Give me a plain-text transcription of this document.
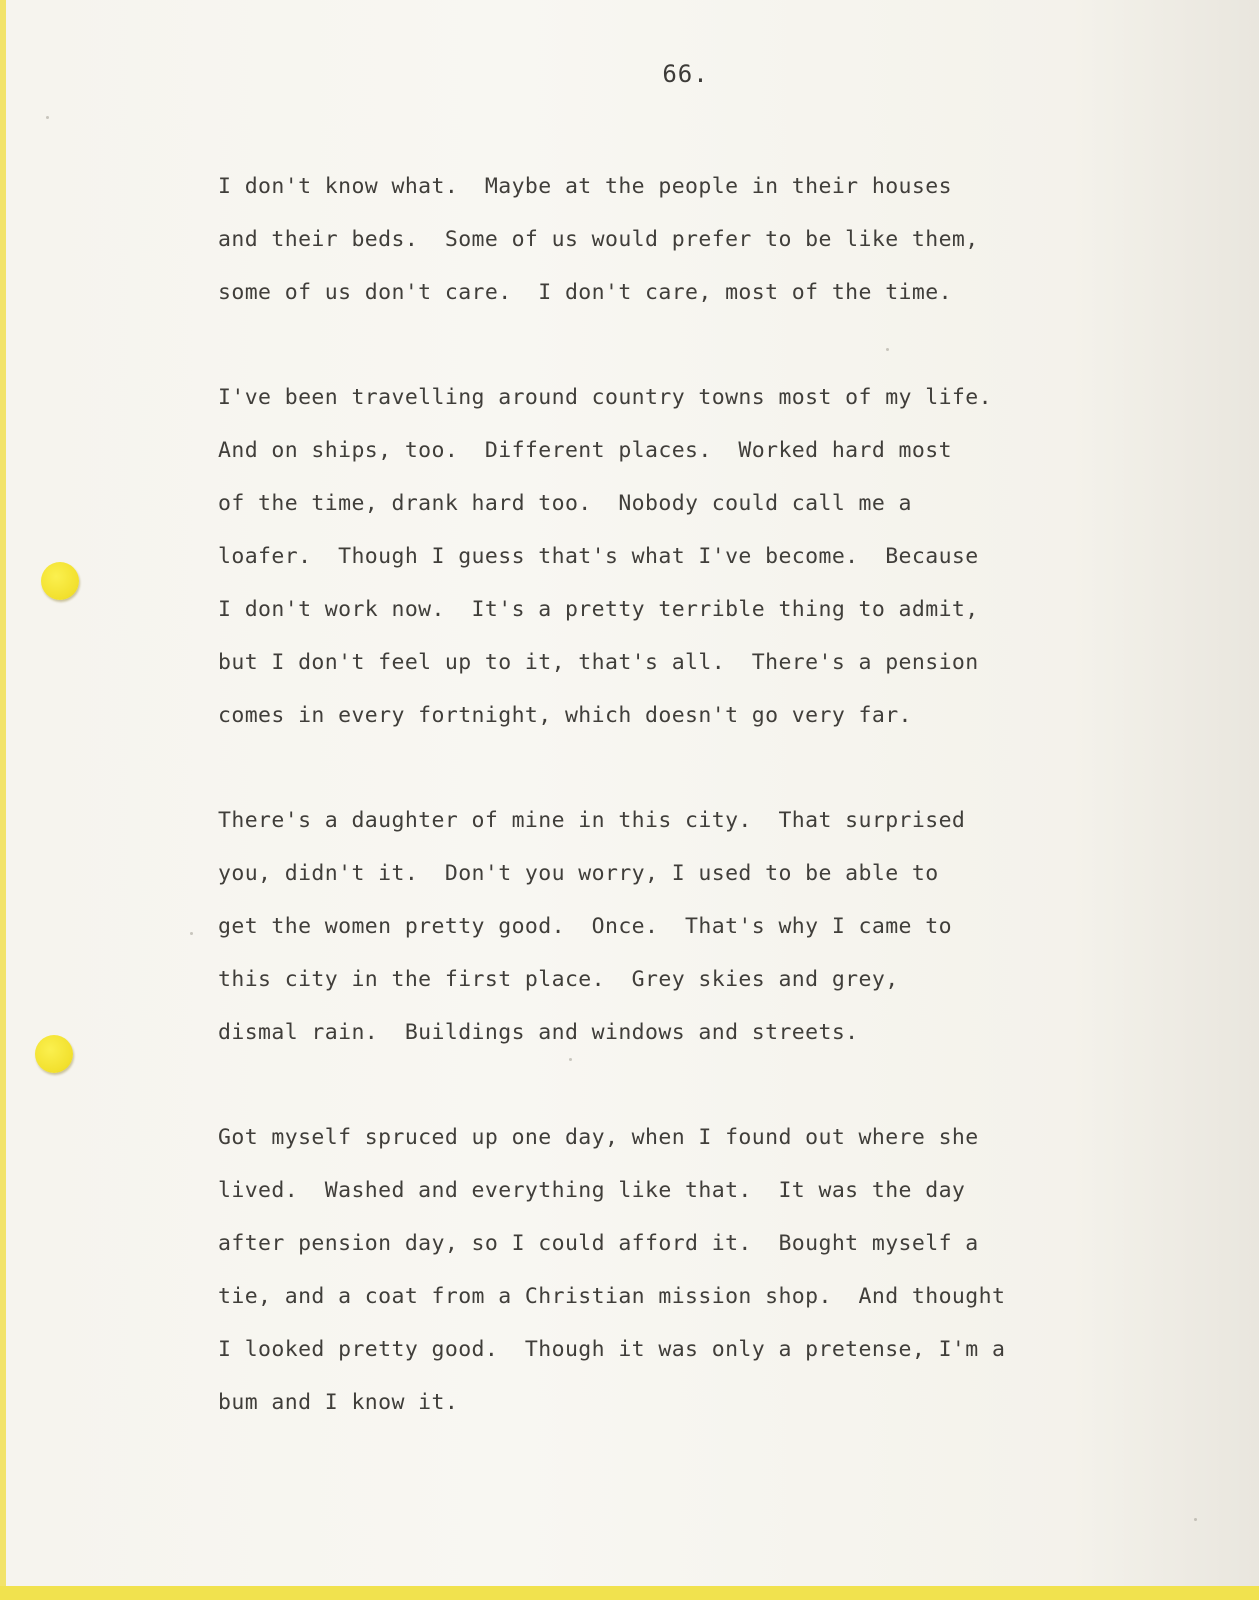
66.
I don't know what.  Maybe at the people in their houses
and their beds.  Some of us would prefer to be like them,
some of us don't care.  I don't care, most of the time.
I've been travelling around country towns most of my life.
And on ships, too.  Different places.  Worked hard most
of the time, drank hard too.  Nobody could call me a
loafer.  Though I guess that's what I've become.  Because
I don't work now.  It's a pretty terrible thing to admit,
but I don't feel up to it, that's all.  There's a pension
comes in every fortnight, which doesn't go very far.
There's a daughter of mine in this city.  That surprised
you, didn't it.  Don't you worry, I used to be able to
get the women pretty good.  Once.  That's why I came to
this city in the first place.  Grey skies and grey,
dismal rain.  Buildings and windows and streets.
Got myself spruced up one day, when I found out where she
lived.  Washed and everything like that.  It was the day
after pension day, so I could afford it.  Bought myself a
tie, and a coat from a Christian mission shop.  And thought
I looked pretty good.  Though it was only a pretense, I'm a
bum and I know it.
